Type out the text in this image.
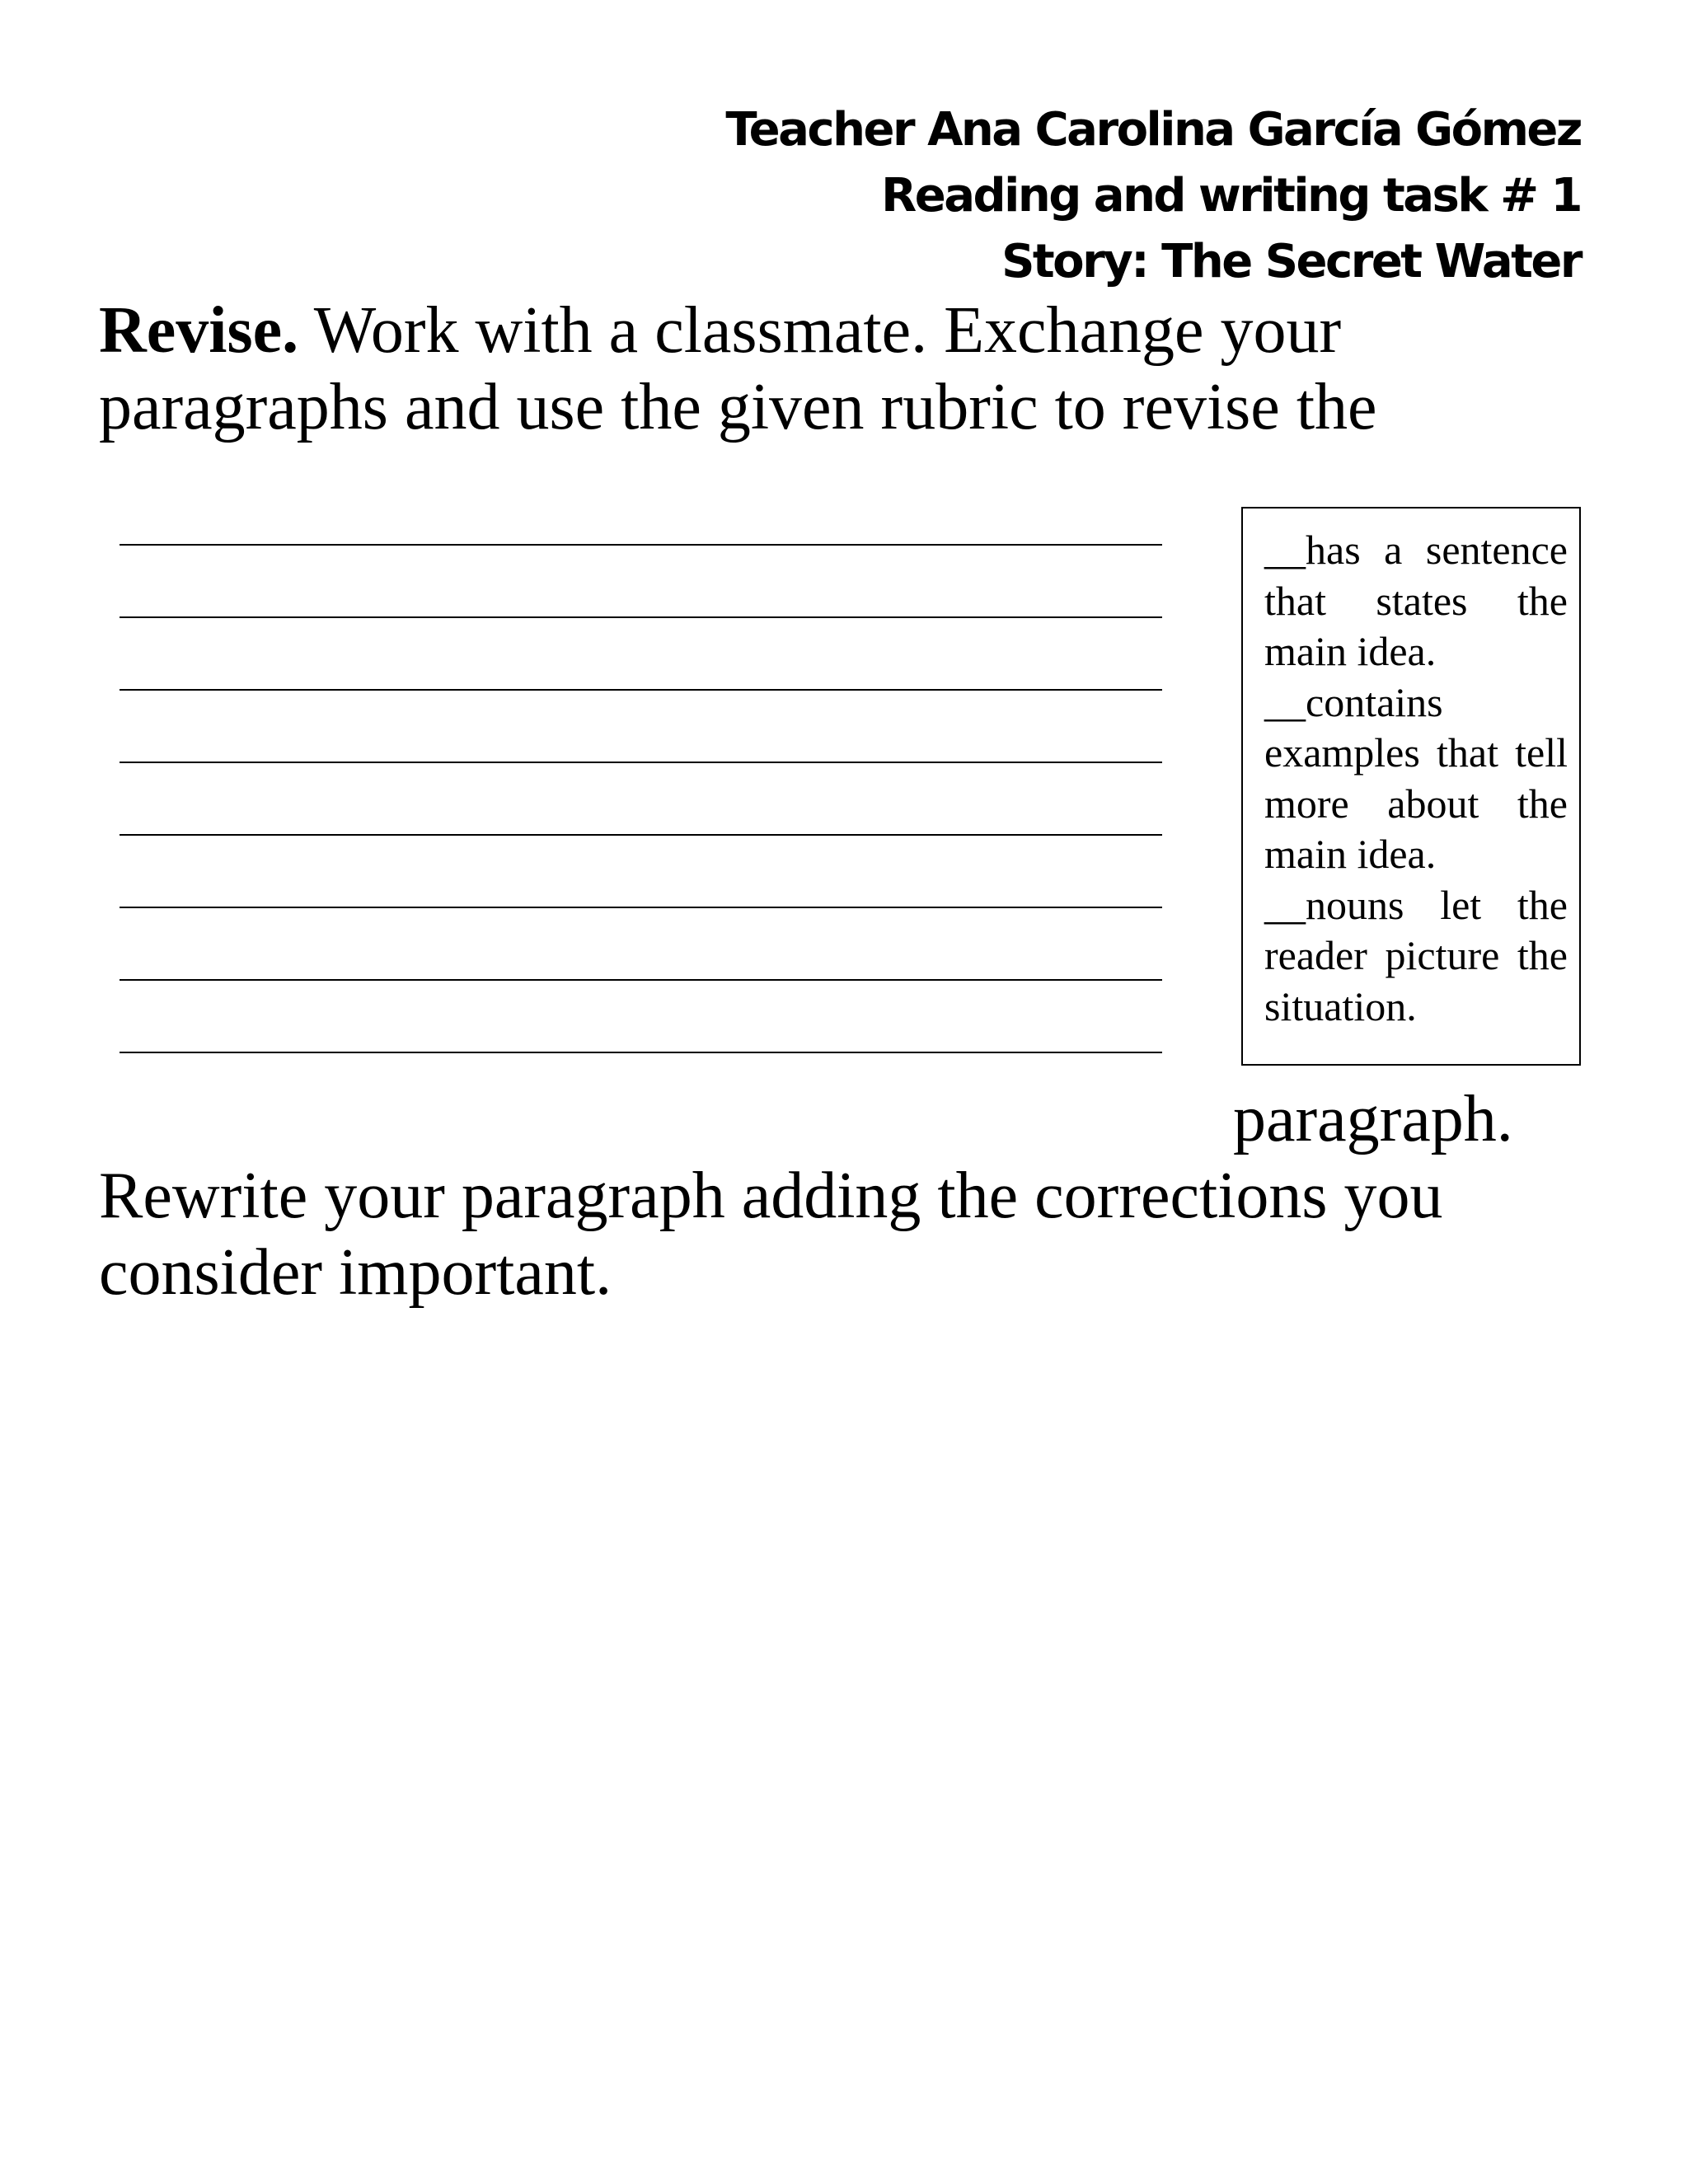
Teacher Ana Carolina García Gómez
Reading and writing task # 1
Story: The Secret Water
Revise. Work with a classmate. Exchange your
paragraphs and use the given rubric to revise the

__has a sentence that states the main idea.

__contains examples that tell more about the main idea.

__nouns let the reader picture the situation.

paragraph.
Rewrite your paragraph adding the corrections you
consider important.
